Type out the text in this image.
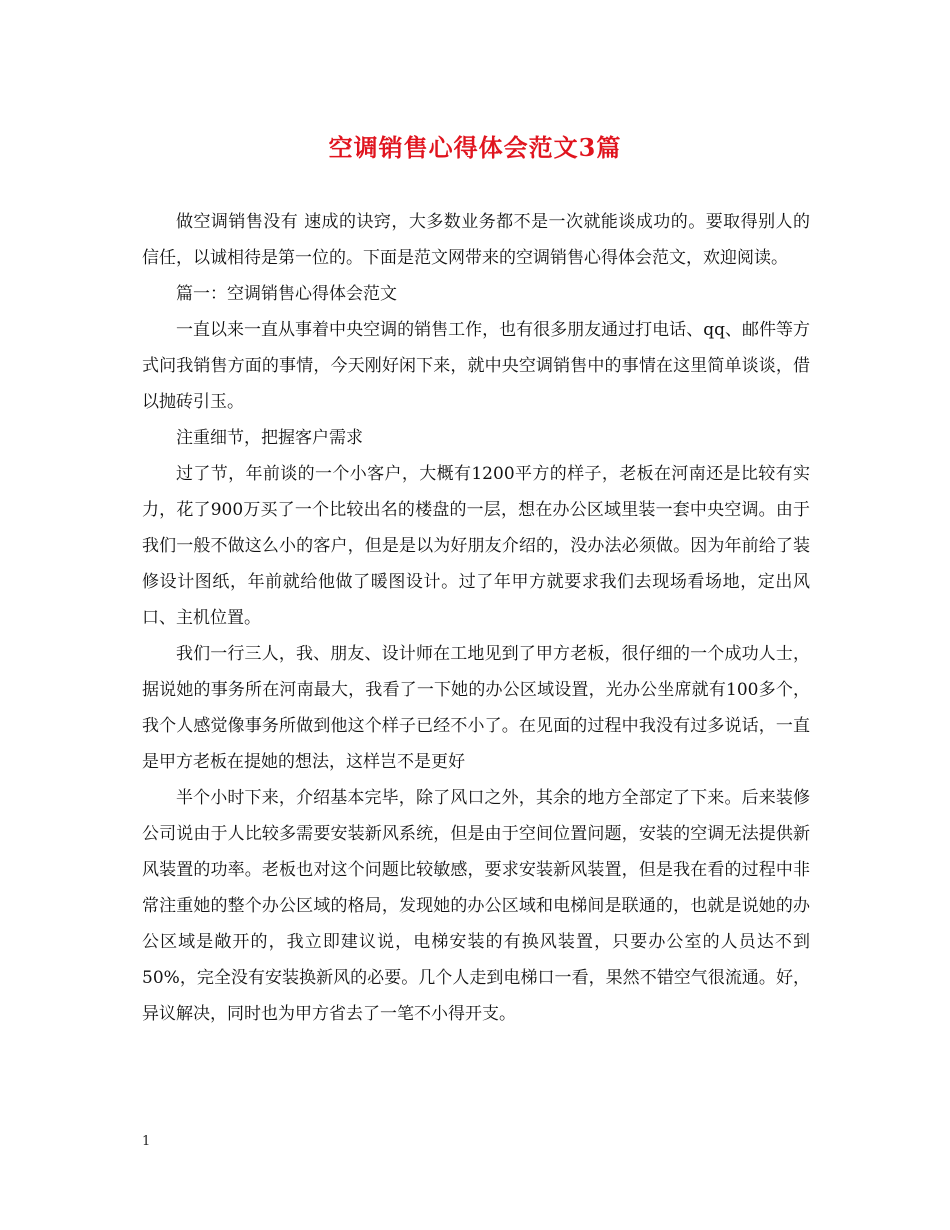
空调销售心得体会范文3篇

做空调销售没有 速成的诀窍，大多数业务都不是一次就能谈成功的。要取得别人的信任，以诚相待是第一位的。下面是范文网带来的空调销售心得体会范文，欢迎阅读。

篇一：空调销售心得体会范文

一直以来一直从事着中央空调的销售工作，也有很多朋友通过打电话、qq、邮件等方式问我销售方面的事情，今天刚好闲下来，就中央空调销售中的事情在这里简单谈谈，借以抛砖引玉。

注重细节，把握客户需求

过了节，年前谈的一个小客户，大概有1200平方的样子，老板在河南还是比较有实力，花了900万买了一个比较出名的楼盘的一层，想在办公区域里装一套中央空调。由于我们一般不做这么小的客户，但是是以为好朋友介绍的，没办法必须做。因为年前给了装修设计图纸，年前就给他做了暖图设计。过了年甲方就要求我们去现场看场地，定出风口、主机位置。

我们一行三人，我、朋友、设计师在工地见到了甲方老板，很仔细的一个成功人士，据说她的事务所在河南最大，我看了一下她的办公区域设置，光办公坐席就有100多个，我个人感觉像事务所做到他这个样子已经不小了。在见面的过程中我没有过多说话，一直是甲方老板在提她的想法，这样岂不是更好

半个小时下来，介绍基本完毕，除了风口之外，其余的地方全部定了下来。后来装修公司说由于人比较多需要安装新风系统，但是由于空间位置问题，安装的空调无法提供新风装置的功率。老板也对这个问题比较敏感，要求安装新风装置，但是我在看的过程中非常注重她的整个办公区域的格局，发现她的办公区域和电梯间是联通的，也就是说她的办公区域是敞开的，我立即建议说，电梯安装的有换风装置，只要办公室的人员达不到50%，完全没有安装换新风的必要。几个人走到电梯口一看，果然不错空气很流通。好，异议解决，同时也为甲方省去了一笔不小得开支。

1
